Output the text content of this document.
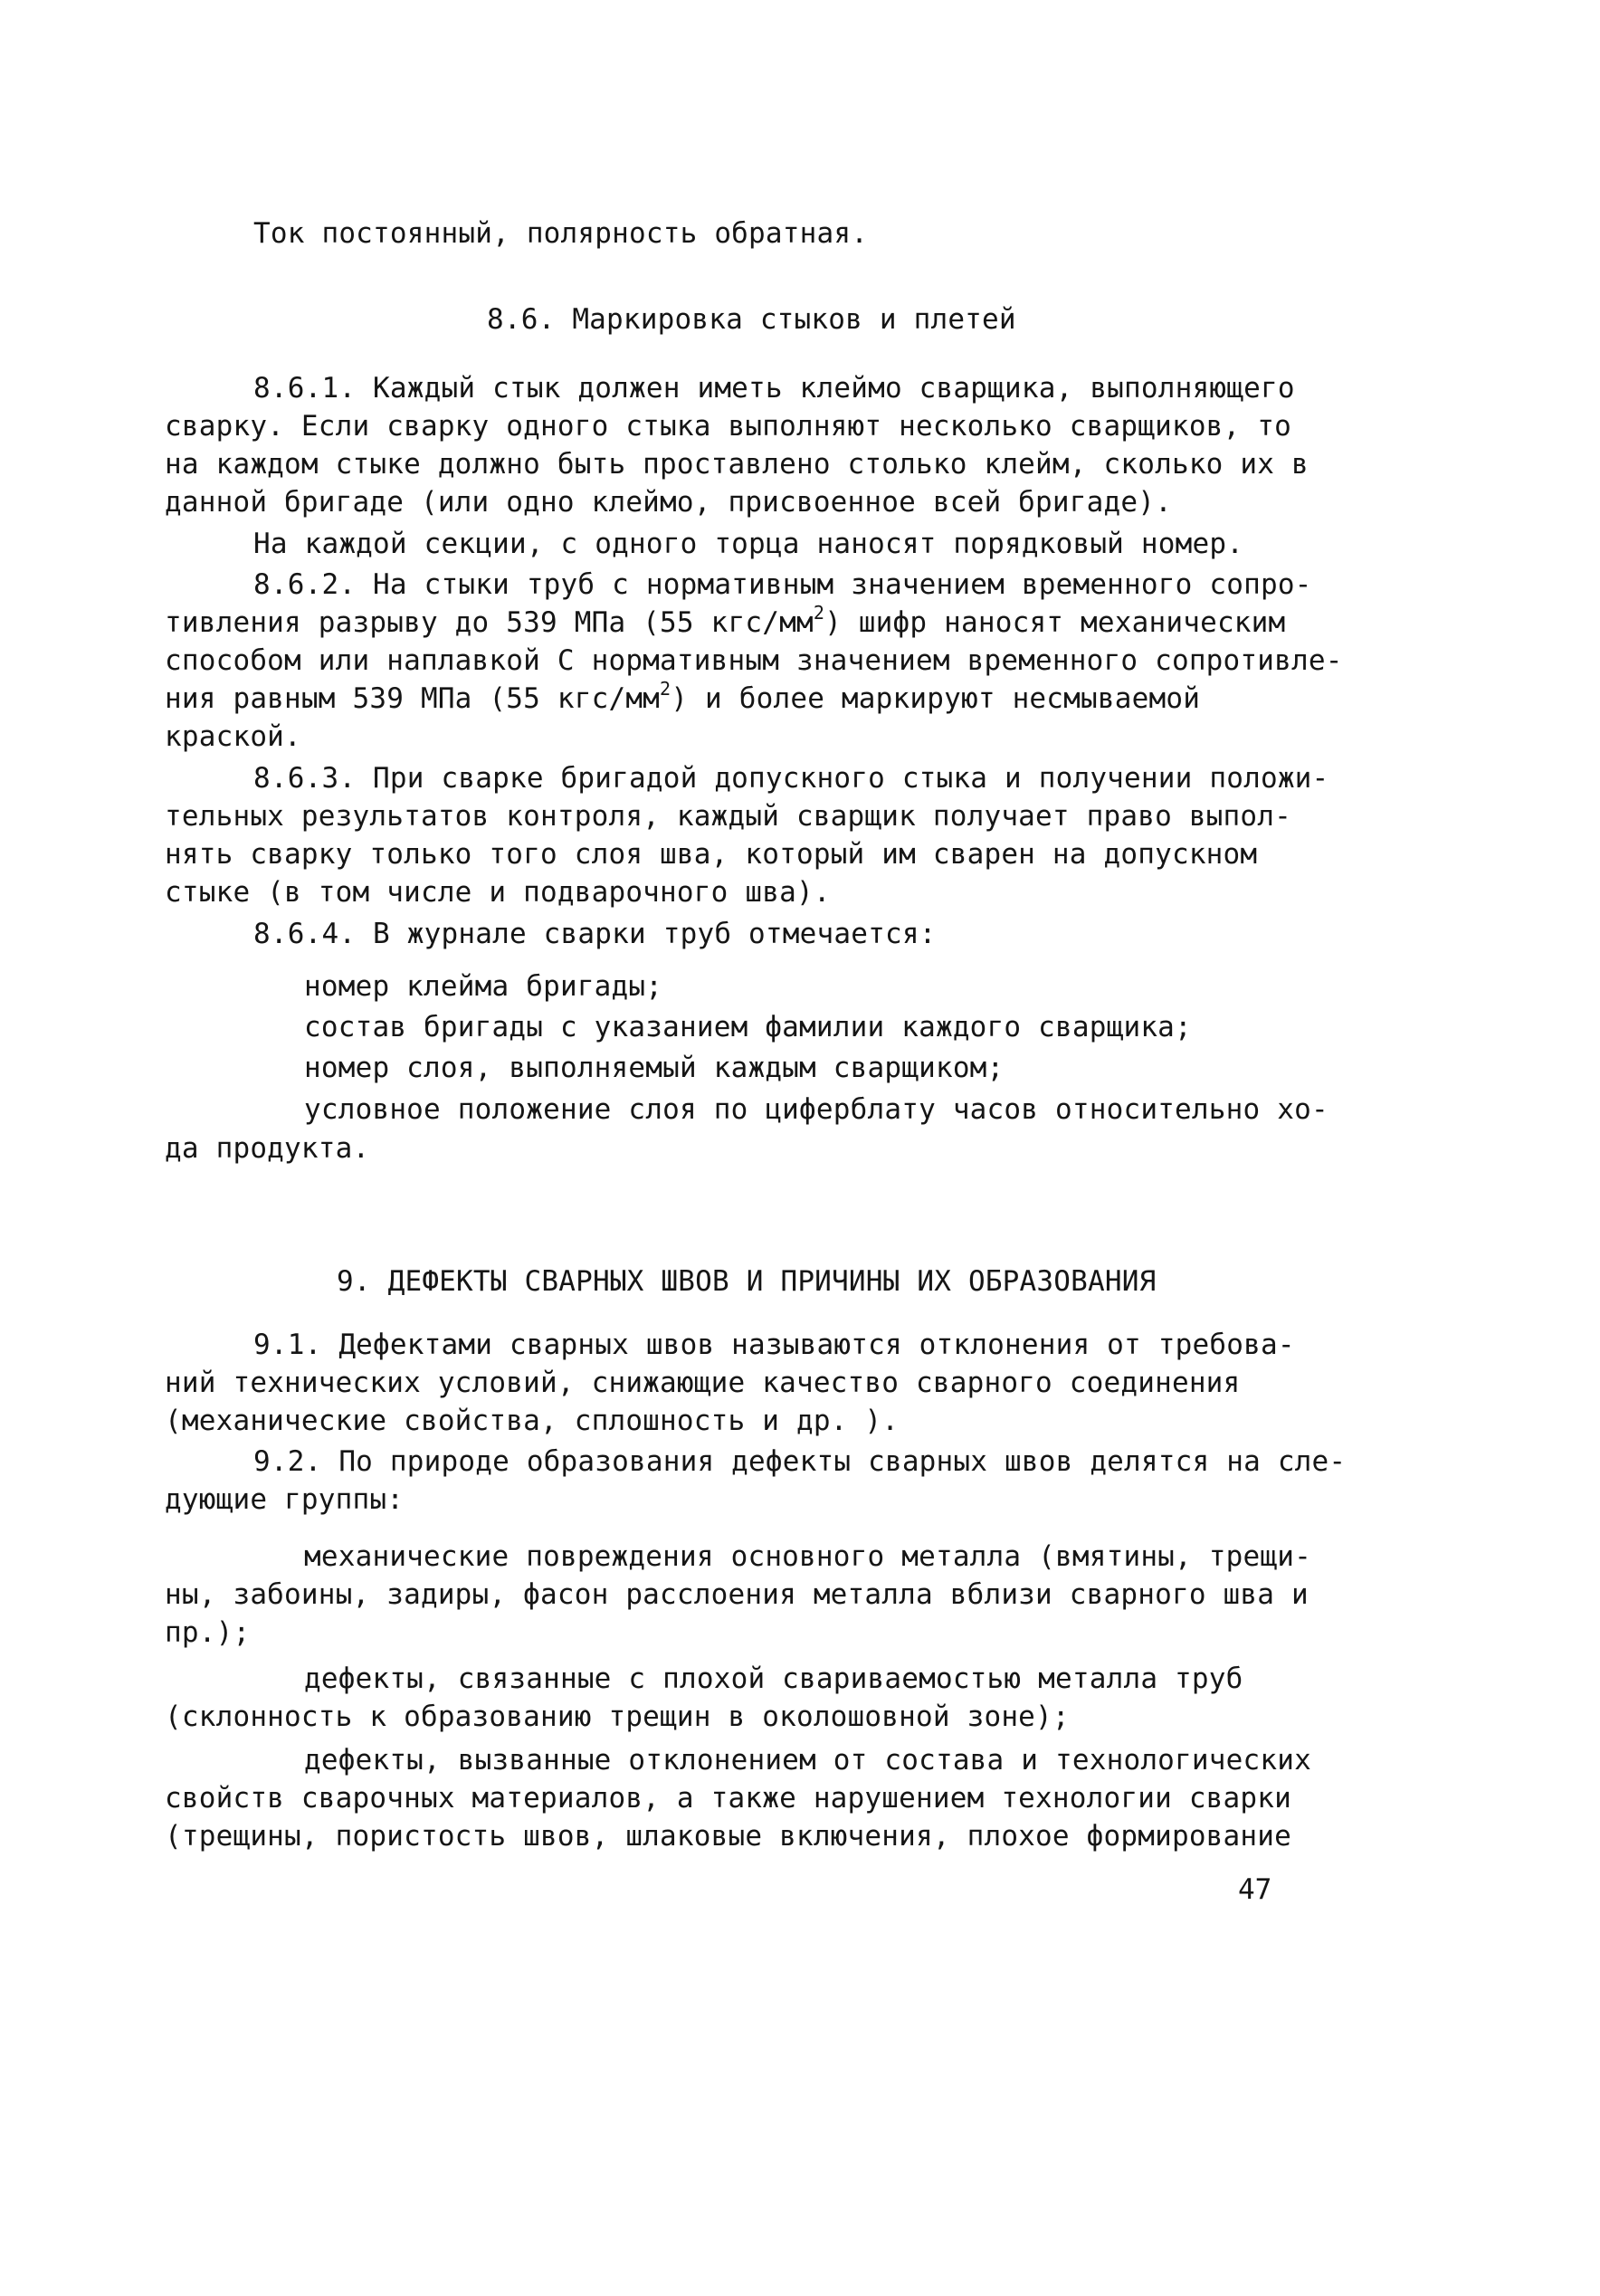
Ток постоянный, полярность обратная.
8.6. Маркировка стыков и плетей
8.6.1. Каждый стык должен иметь клеймо сварщика, выполняющего
сварку. Если сварку одного стыка выполняют несколько сварщиков, то
на каждом стыке должно быть проставлено столько клейм, сколько их в
данной бригаде (или одно клеймо, присвоенное всей бригаде).
На каждой секции, с одного торца наносят порядковый номер.
8.6.2. На стыки труб с нормативным значением временного сопро-
тивления разрыву до 539 МПа (55 кгс/$мм^2$) шифр наносят механическим
способом или наплавкой С нормативным значением временного сопротивле-
ния равным 539 МПа (55 кгс/$мм^2$) и более маркируют несмываемой
краской.
8.6.3. При сварке бригадой допускного стыка и получении положи-
тельных результатов контроля, каждый сварщик получает право выпол-
нять сварку только того слоя шва, который им сварен на допускном
стыке (в том числе и подварочного шва).
8.6.4. В журнале сварки труб отмечается:
номер клейма бригады;
состав бригады с указанием фамилии каждого сварщика;
номер слоя, выполняемый каждым сварщиком;
условное положение слоя по циферблату часов относительно хо-
да продукта.
9. ДЕФЕКТЫ СВАРНЫХ ШВОВ И ПРИЧИНЫ ИХ ОБРАЗОВАНИЯ
9.1. Дефектами сварных швов называются отклонения от требова-
ний технических условий, снижающие качество сварного соединения
(механические свойства, сплошность и др. ).
9.2. По природе образования дефекты сварных швов делятся на сле-
дующие группы:
механические повреждения основного металла (вмятины, трещи-
ны, забоины, задиры, фасон расслоения металла вблизи сварного шва и
пр.);
дефекты, связанные с плохой свариваемостью металла труб
(склонность к образованию трещин в околошовной зоне);
дефекты, вызванные отклонением от состава и технологических
свойств сварочных материалов, а также нарушением технологии сварки
(трещины, пористость швов, шлаковые включения, плохое формирование
47
